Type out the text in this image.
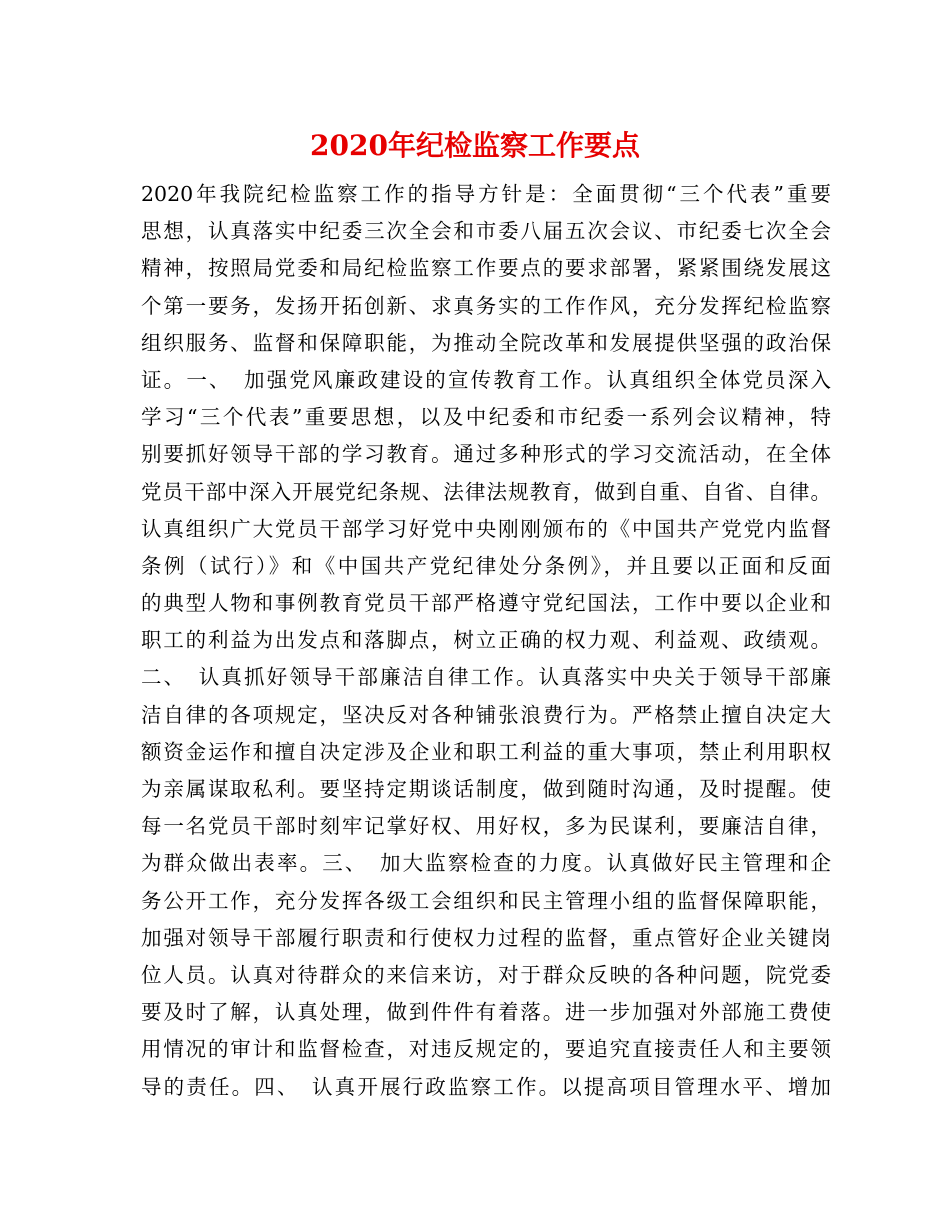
2020年纪检监察工作要点
2020年我院纪检监察工作的指导方针是：全面贯彻“三个代表”重要
思想，认真落实中纪委三次全会和市委八届五次会议、市纪委七次全会
精神，按照局党委和局纪检监察工作要点的要求部署，紧紧围绕发展这
个第一要务，发扬开拓创新、求真务实的工作作风，充分发挥纪检监察
组织服务、监督和保障职能，为推动全院改革和发展提供坚强的政治保
证。一、　加强党风廉政建设的宣传教育工作。认真组织全体党员深入
学习“三个代表”重要思想，以及中纪委和市纪委一系列会议精神，特
别要抓好领导干部的学习教育。通过多种形式的学习交流活动，在全体
党员干部中深入开展党纪条规、法律法规教育，做到自重、自省、自律。
认真组织广大党员干部学习好党中央刚刚颁布的《中国共产党党内监督
条例（试行）》和《中国共产党纪律处分条例》，并且要以正面和反面
的典型人物和事例教育党员干部严格遵守党纪国法，工作中要以企业和
职工的利益为出发点和落脚点，树立正确的权力观、利益观、政绩观。
二、　认真抓好领导干部廉洁自律工作。认真落实中央关于领导干部廉
洁自律的各项规定，坚决反对各种铺张浪费行为。严格禁止擅自决定大
额资金运作和擅自决定涉及企业和职工利益的重大事项，禁止利用职权
为亲属谋取私利。要坚持定期谈话制度，做到随时沟通，及时提醒。使
每一名党员干部时刻牢记掌好权、用好权，多为民谋利，要廉洁自律，
为群众做出表率。三、　加大监察检查的力度。认真做好民主管理和企
务公开工作，充分发挥各级工会组织和民主管理小组的监督保障职能，
加强对领导干部履行职责和行使权力过程的监督，重点管好企业关键岗
位人员。认真对待群众的来信来访，对于群众反映的各种问题，院党委
要及时了解，认真处理，做到件件有着落。进一步加强对外部施工费使
用情况的审计和监督检查，对违反规定的，要追究直接责任人和主要领
导的责任。四、　认真开展行政监察工作。以提高项目管理水平、增加
